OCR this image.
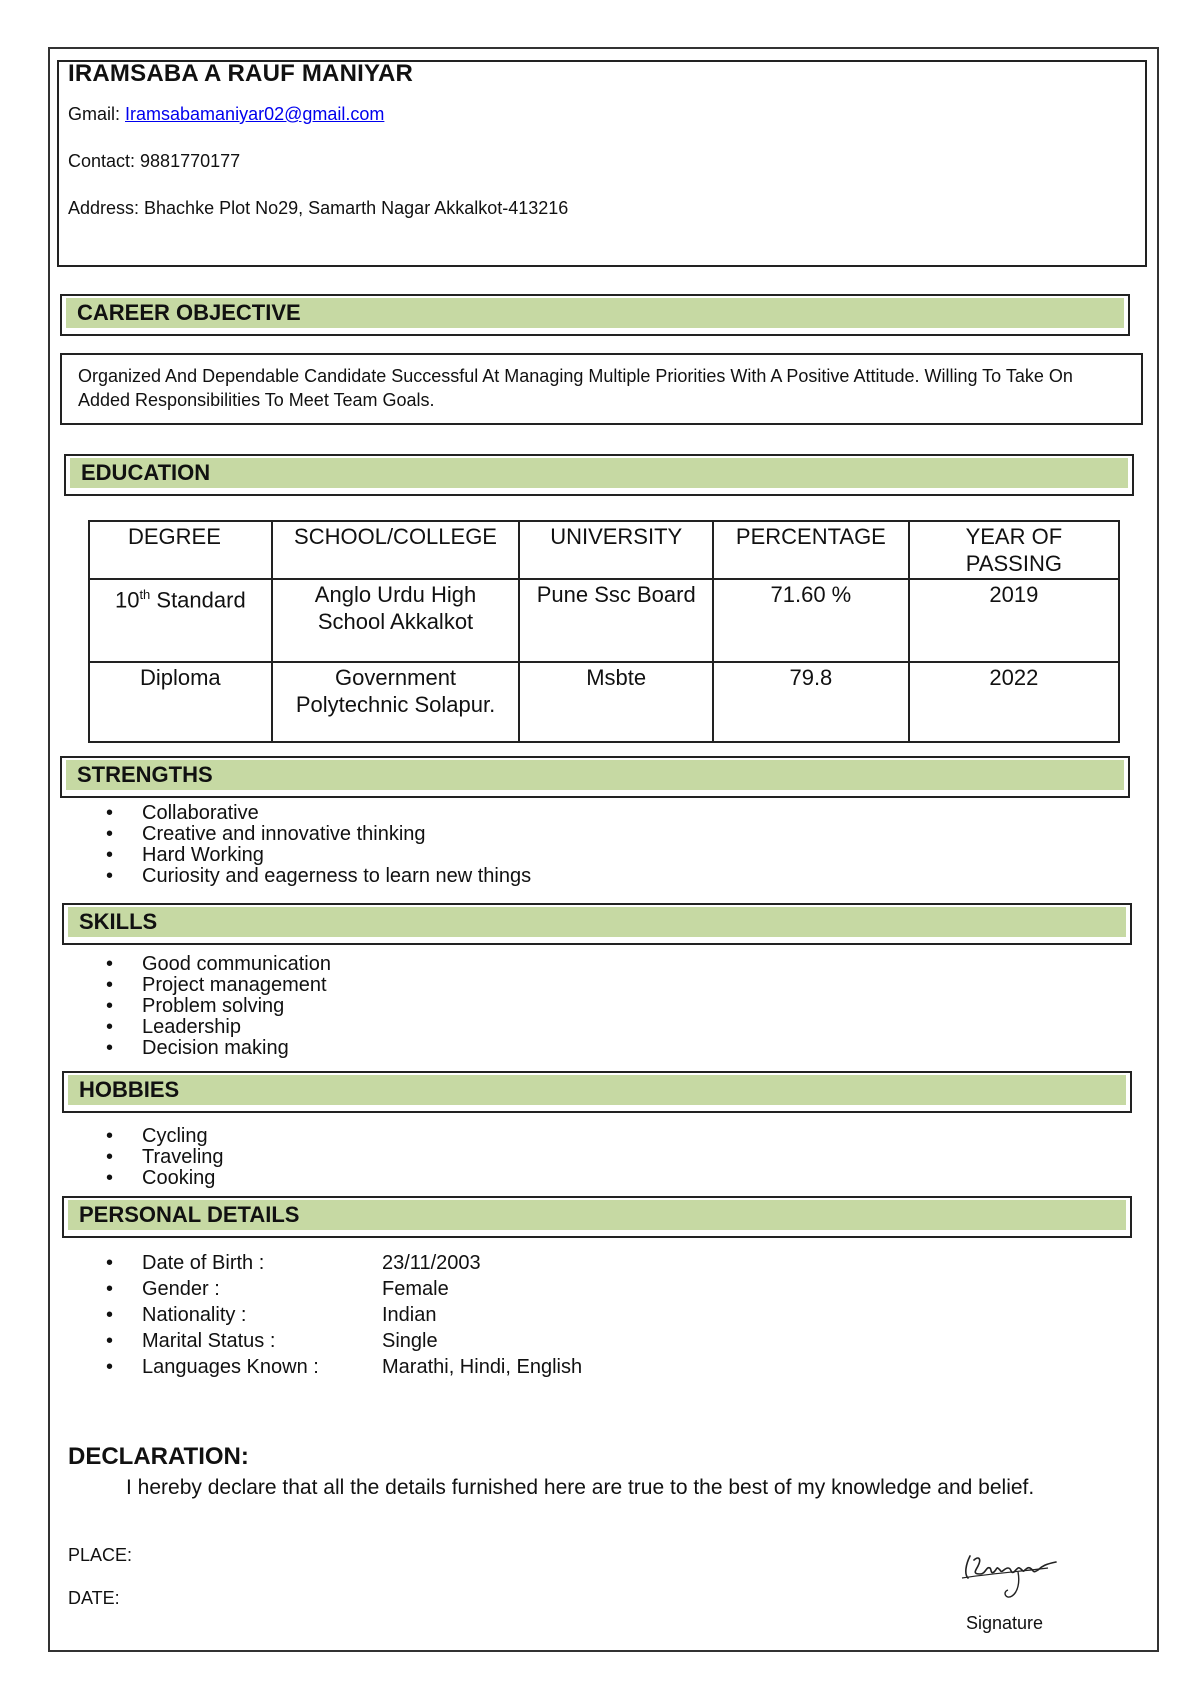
IRAMSABA A RAUF MANIYAR
Gmail: Iramsabamaniyar02@gmail.com
Contact: 9881770177
Address: Bhachke Plot No29, Samarth Nagar Akkalkot-413216
CAREER OBJECTIVE
Organized And Dependable Candidate Successful At Managing Multiple Priorities With A Positive Attitude. Willing To Take On Added Responsibilities To Meet Team Goals.
EDUCATION
DEGREE	SCHOOL/COLLEGE	UNIVERSITY	PERCENTAGE	YEAR OF PASSING
10th Standard	Anglo Urdu High School Akkalkot	Pune Ssc Board	71.60 %	2019
Diploma	Government Polytechnic Solapur.	Msbte	79.8	2022
STRENGTHS
• Collaborative
• Creative and innovative thinking
• Hard Working
• Curiosity and eagerness to learn new things
SKILLS
• Good communication
• Project management
• Problem solving
• Leadership
• Decision making
HOBBIES
• Cycling
• Traveling
• Cooking
PERSONAL DETAILS
• Date of Birth :	23/11/2003
• Gender :	Female
• Nationality :	Indian
• Marital Status :	Single
• Languages Known :	Marathi, Hindi, English
DECLARATION:
I hereby declare that all the details furnished here are true to the best of my knowledge and belief.
PLACE:
DATE:
Signature
